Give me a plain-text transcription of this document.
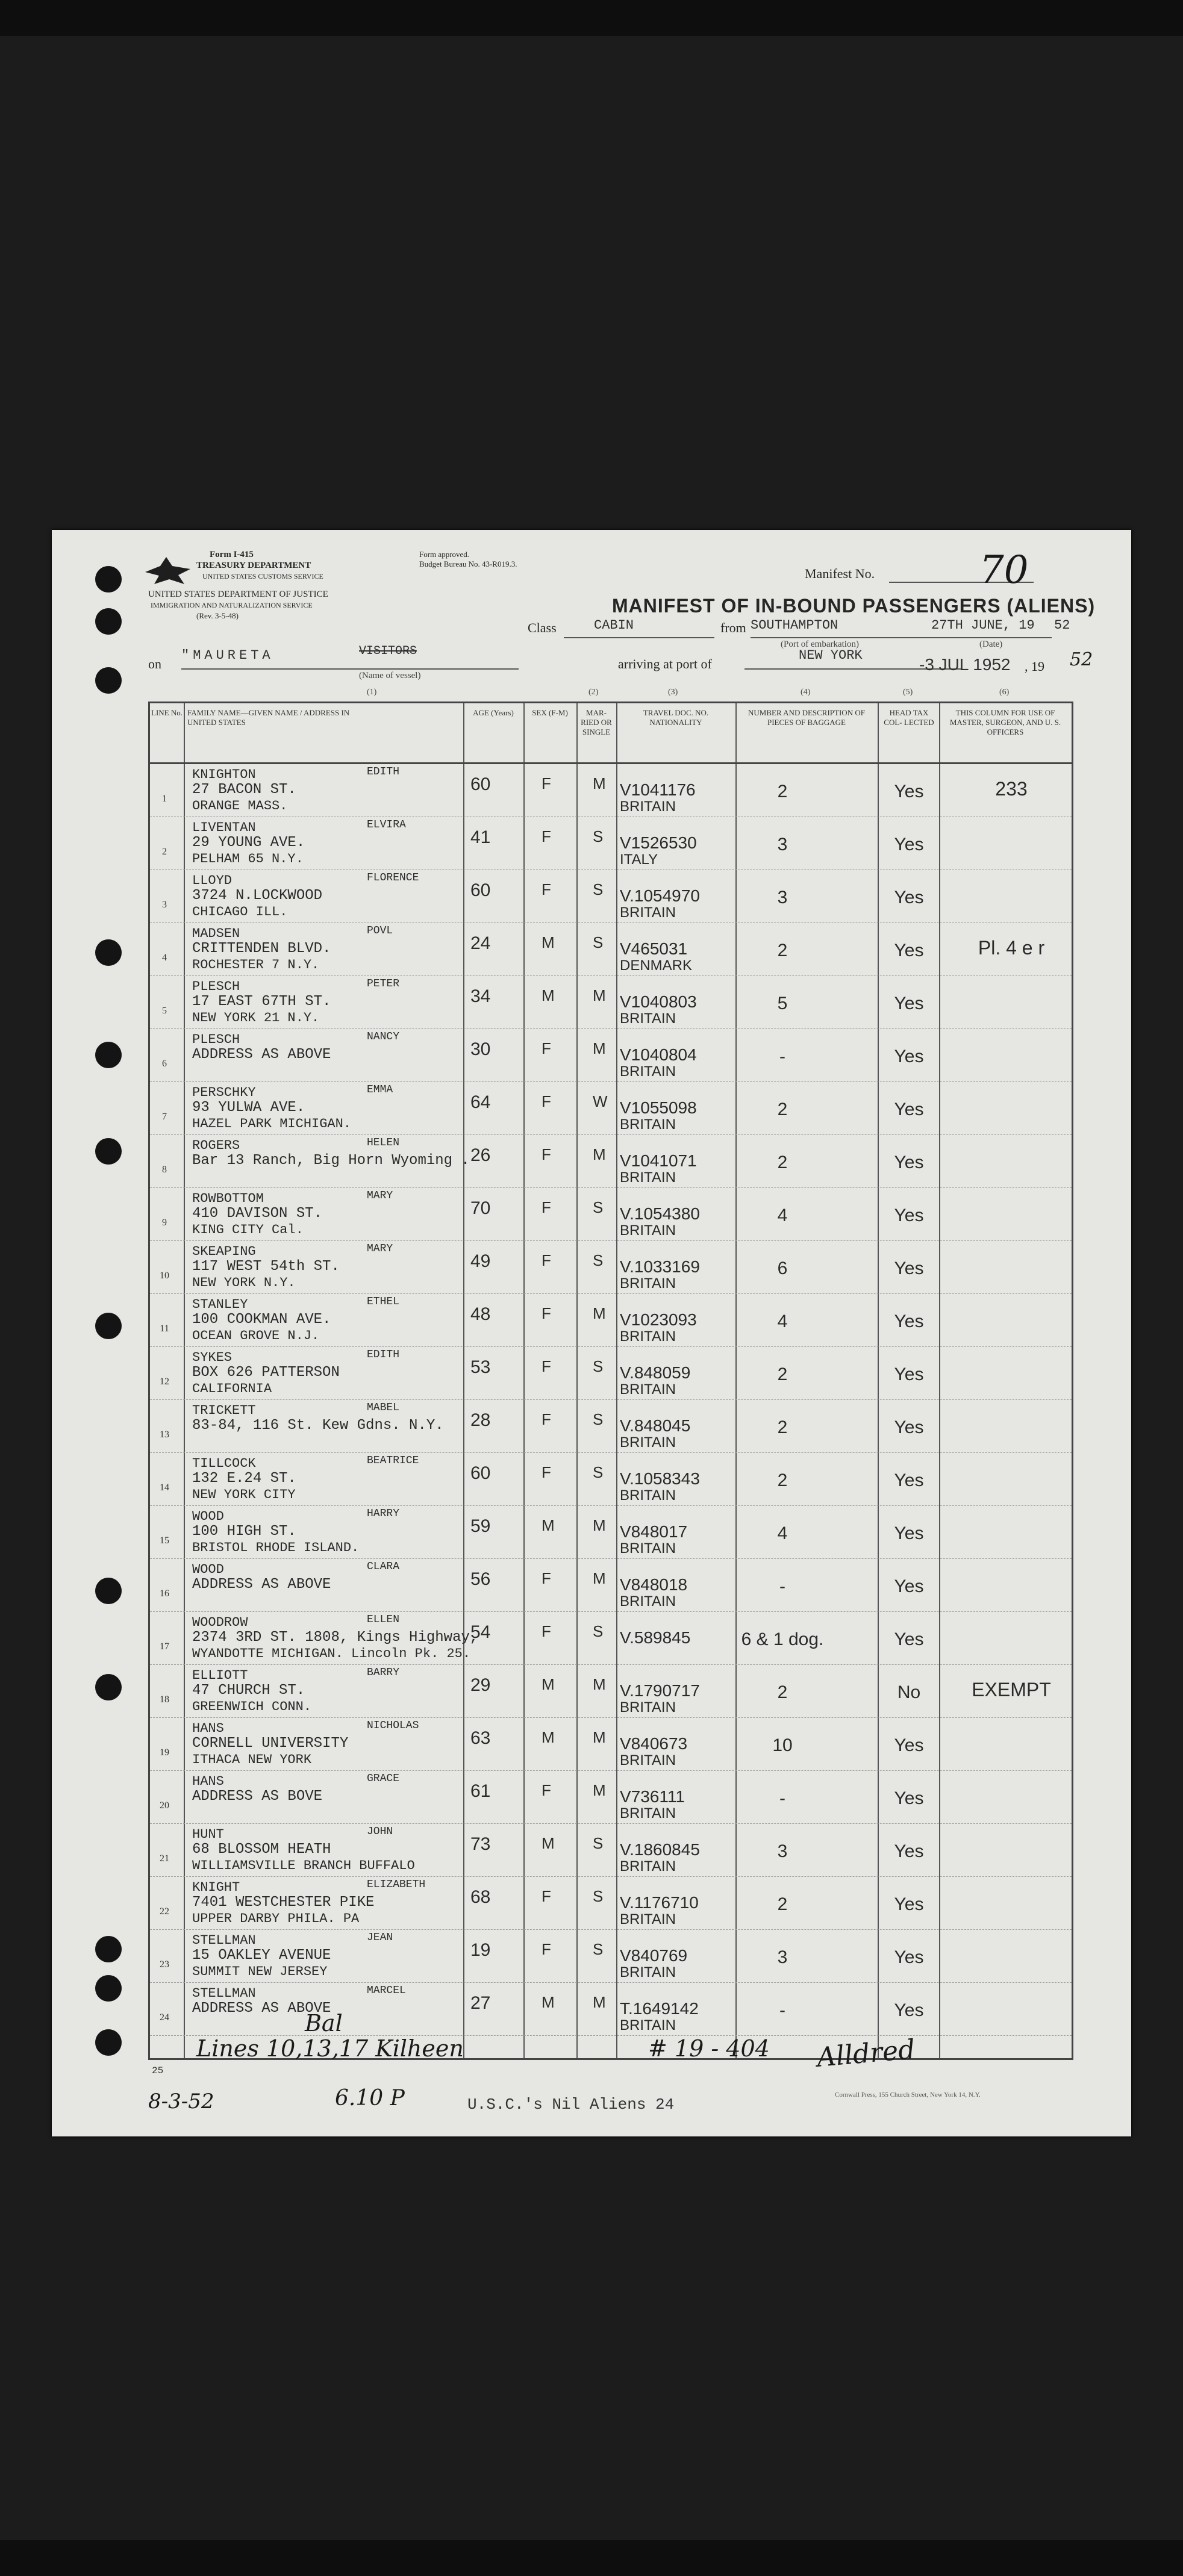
Form I-415
TREASURY DEPARTMENT
UNITED STATES CUSTOMS SERVICE
UNITED STATES DEPARTMENT OF JUSTICE
IMMIGRATION AND NATURALIZATION SERVICE
(Rev. 3-5-48)
Form approved.
Budget Bureau No. 43-R019.3.
Manifest No.	70
MANIFEST OF IN-BOUND PASSENGERS (ALIENS)
Class	CABIN	from SOUTHAMPTON
(Port of embarkation)
27TH JUNE, 19 52
(Date)
on
"MAURETA	VISITORS
(Name of vessel)
arriving at port of
NEW YORK	-3 JUL 1952 , 19 52
(1)	(2)	(3)	(4)	(5)	(6)
LINE No. FAMILY NAME—GIVEN NAME / ADDRESS IN UNITED STATES
AGE (Years)	SEX (F-M)	MAR- RIED OR SINGLE
TRAVEL DOC. NO. NATIONALITY
NUMBER AND DESCRIPTION OF PIECES OF BAGGAGE
HEAD TAX COL- LECTED
THIS COLUMN FOR USE OF MASTER, SURGEON, AND U. S. OFFICERS
1
KNIGHTON	EDITH
27 BACON ST.
ORANGE MASS.
60	F	M V1041176
BRITAIN
2	Yes	233
2
LIVENTAN	ELVIRA
29 YOUNG AVE.
PELHAM 65 N.Y.
41	F	S V1526530
ITALY
3	Yes
3
LLOYD	FLORENCE
3724 N.LOCKWOOD
CHICAGO ILL.
60	F	S V.1054970
BRITAIN
3	Yes
4
MADSEN	POVL
CRITTENDEN BLVD.
ROCHESTER 7 N.Y.
24	M S V465031
DENMARK
2	Yes	Pl. 4 e r
5
PLESCH	PETER
17 EAST 67TH ST.
NEW YORK 21 N.Y.
34	M M V1040803
BRITAIN
5	Yes
6
PLESCH	NANCY
ADDRESS AS ABOVE	30	F	M V1040804
BRITAIN
-	Yes
7
PERSCHKY	EMMA
93 YULWA AVE.
HAZEL PARK MICHIGAN.
64	F	W V1055098
BRITAIN
2	Yes
8
ROGERS	HELEN
Bar 13 Ranch, Big Horn Wyoming . 26	F	M V1041071
BRITAIN
2	Yes
9
ROWBOTTOM	MARY
410 DAVISON ST.
KING CITY Cal.
70	F	S V.1054380
BRITAIN
4	Yes
10
SKEAPING	MARY
117 WEST 54th ST.
NEW YORK N.Y.
49	F	S V.1033169
BRITAIN
6	Yes
11
STANLEY	ETHEL
100 COOKMAN AVE.
OCEAN GROVE N.J.
48	F	M V1023093
BRITAIN
4	Yes
12
SYKES	EDITH
BOX 626 PATTERSON
CALIFORNIA
53	F	S V.848059
BRITAIN
2	Yes
13
TRICKETT	MABEL
83-84, 116 St. Kew Gdns. N.Y. 28	F	S V.848045
BRITAIN
2	Yes
14
TILLCOCK	BEATRICE
132 E.24 ST.
NEW YORK CITY
60	F	S V.1058343
BRITAIN
2	Yes
15
WOOD	HARRY
100 HIGH ST.
BRISTOL RHODE ISLAND.
59	M M V848017
BRITAIN
4	Yes
16
WOOD	CLARA
ADDRESS AS ABOVE	56	F	M V848018
BRITAIN
-	Yes
17
WOODROW	ELLEN
2374 3RD ST. 1808, Kings Highway,
WYANDOTTE MICHIGAN. Lincoln Pk. 25.
54	F	S V.589845	6 & 1 dog.	Yes
18
ELLIOTT	BARRY
47 CHURCH ST.
GREENWICH CONN.
29	M M V.1790717
BRITAIN
2	No	EXEMPT
19
HANS	NICHOLAS
CORNELL UNIVERSITY
ITHACA NEW YORK
63	M M V840673
BRITAIN
10	Yes
20
HANS	GRACE
ADDRESS AS BOVE	61	F	M V736111
BRITAIN
-	Yes
21
HUNT	JOHN
68 BLOSSOM HEATH
WILLIAMSVILLE BRANCH BUFFALO
73	M S V.1860845
BRITAIN
3	Yes
22
KNIGHT	ELIZABETH
7401 WESTCHESTER PIKE
UPPER DARBY PHILA. PA
68	F	S V.1176710
BRITAIN
2	Yes
23
STELLMAN	JEAN
15 OAKLEY AVENUE
SUMMIT NEW JERSEY
19	F	S V840769
BRITAIN
3	Yes
24
STELLMAN	MARCEL
ADDRESS AS ABOVE	27	M M T.1649142
BRITAIN
-	Yes
25
Lines 10,13,17 Kilheen
Bal
# 19 - 404 Alldred
8-3-52	6.10 P	U.S.C.'s Nil Aliens 24
Cornwall Press, 155 Church Street, New York 14, N.Y.
